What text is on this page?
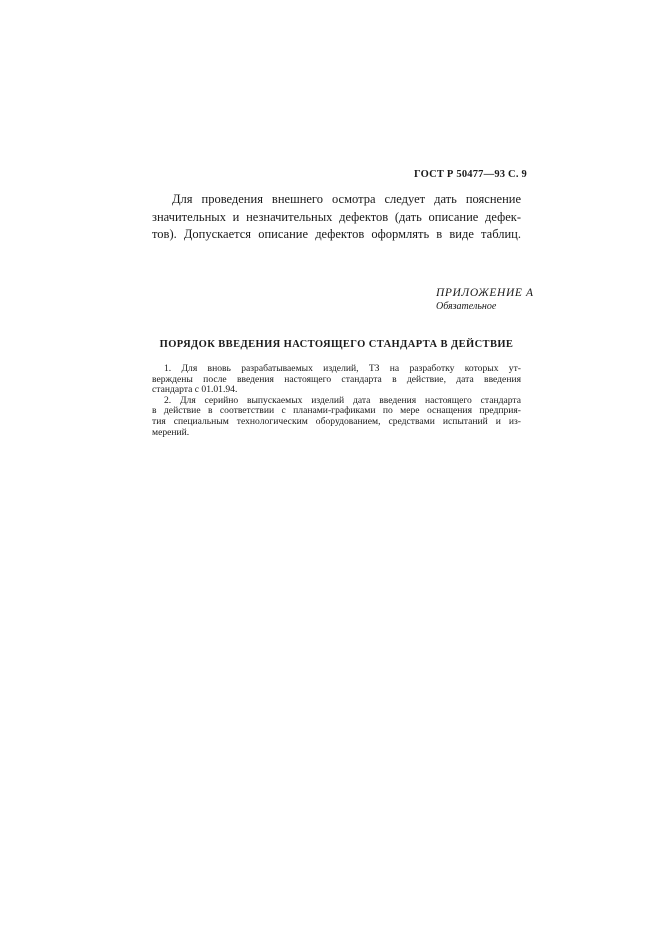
ГОСТ Р 50477—93 С. 9
Для проведения внешнего осмотра следует дать пояснение
значительных и незначительных дефектов (дать описание дефек-
тов). Допускается описание дефектов оформлять в виде таблиц.
ПРИЛОЖЕНИЕ А
Обязательное
ПОРЯДОК ВВЕДЕНИЯ НАСТОЯЩЕГО СТАНДАРТА В ДЕЙСТВИЕ
1. Для вновь разрабатываемых изделий, ТЗ на разработку которых ут-
верждены после введения настоящего стандарта в действие, дата введения
стандарта с 01.01.94.
2. Для серийно выпускаемых изделий дата введения настоящего стандарта
в действие в соответствии с планами-графиками по мере оснащения предприя-
тия специальным технологическим оборудованием, средствами испытаний и из-
мерений.
